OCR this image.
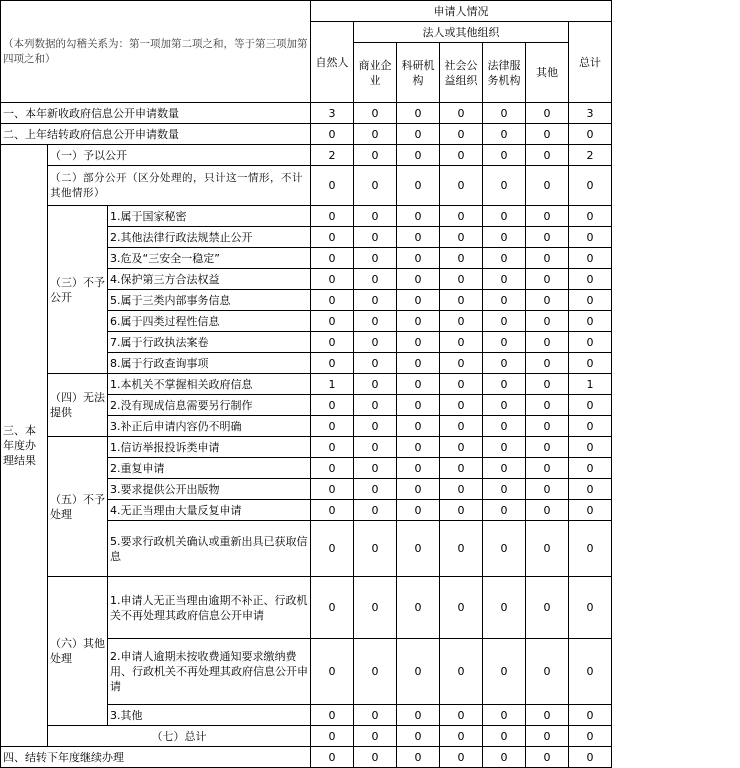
（本列数据的勾稽关系为：第一项加第二项之和，等于第三项加第四项之和）			申请人情况						
			自然人	法人或其他组织					总计
				商业企业	科研机构	社会公益组织	法律服务机构	其他	

一、本年新收政府信息公开申请数量			3	0	0	0	0	0	3
二、上年结转政府信息公开申请数量			0	0	0	0	0	0	0
三、本年度办理结果	（一）予以公开		2	0	0	0	0	0	2
	（二）部分公开（区分处理的，只计这一情形，不计其他情形）		0	0	0	0	0	0	0
	（三）不予公开	1.属于国家秘密	0	0	0	0	0	0	0
		2.其他法律行政法规禁止公开	0	0	0	0	0	0	0
		3.危及“三安全一稳定”	0	0	0	0	0	0	0
		4.保护第三方合法权益	0	0	0	0	0	0	0
		5.属于三类内部事务信息	0	0	0	0	0	0	0
		6.属于四类过程性信息	0	0	0	0	0	0	0
		7.属于行政执法案卷	0	0	0	0	0	0	0
		8.属于行政查询事项	0	0	0	0	0	0	0
	（四）无法提供	1.本机关不掌握相关政府信息	1	0	0	0	0	0	1
		2.没有现成信息需要另行制作	0	0	0	0	0	0	0
		3.补正后申请内容仍不明确	0	0	0	0	0	0	0
	（五）不予处理	1.信访举报投诉类申请	0	0	0	0	0	0	0
		2.重复申请	0	0	0	0	0	0	0
		3.要求提供公开出版物	0	0	0	0	0	0	0
		4.无正当理由大量反复申请	0	0	0	0	0	0	0
		5.要求行政机关确认或重新出具已获取信息	0	0	0	0	0	0	0
	（六）其他处理	1.申请人无正当理由逾期不补正、行政机关不再处理其政府信息公开申请	0	0	0	0	0	0	0
		2.申请人逾期未按收费通知要求缴纳费用、行政机关不再处理其政府信息公开申请	0	0	0	0	0	0	0
		3.其他	0	0	0	0	0	0	0
	（七）总计		0	0	0	0	0	0	0
四、结转下年度继续办理			0	0	0	0	0	0	0
